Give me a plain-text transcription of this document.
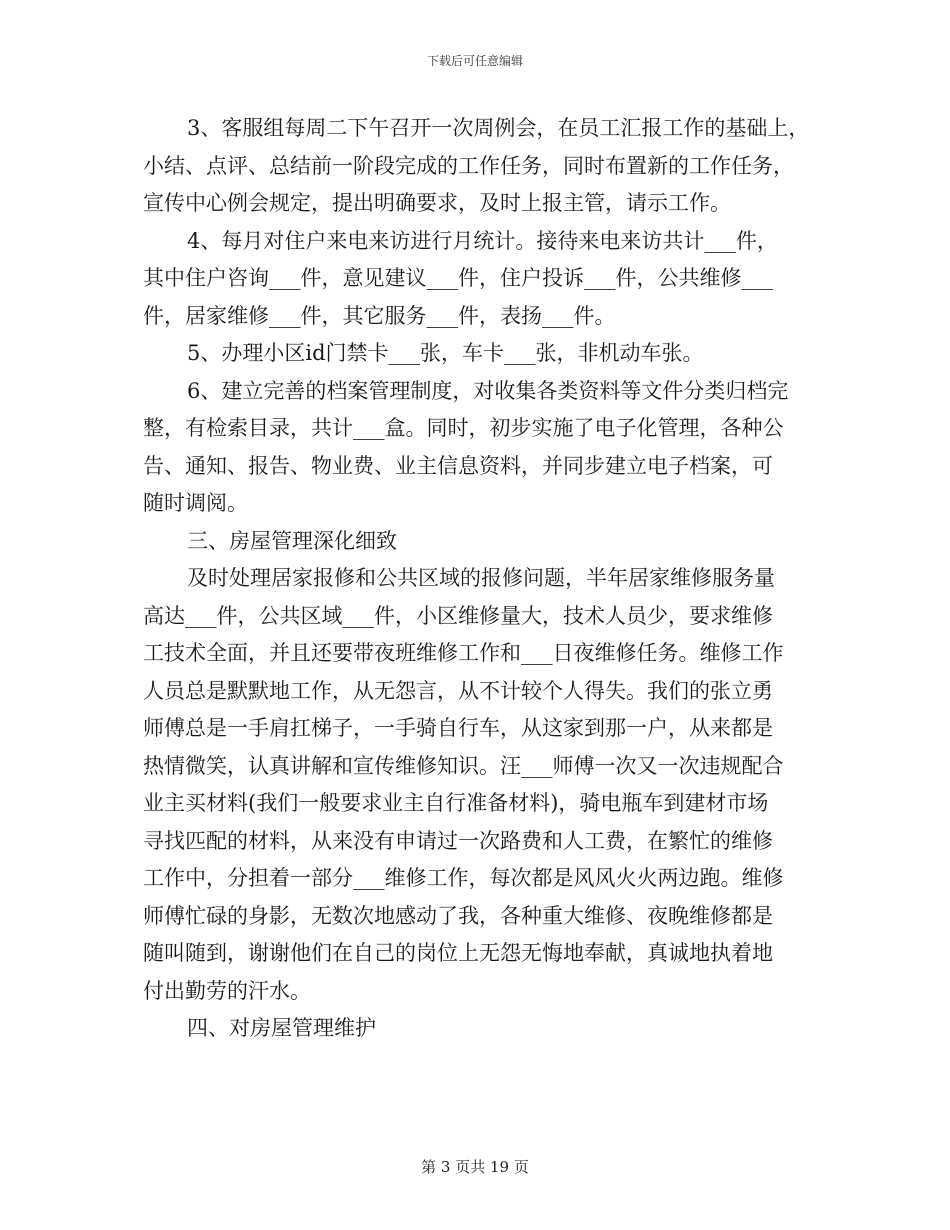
下载后可任意编辑
3、客服组每周二下午召开一次周例会，在员工汇报工作的基础上，
小结、点评、总结前一阶段完成的工作任务，同时布置新的工作任务，
宣传中心例会规定，提出明确要求，及时上报主管，请示工作。
4、每月对住户来电来访进行月统计。接待来电来访共计___件，
其中住户咨询___件，意见建议___件，住户投诉___件，公共维修___
件，居家维修___件，其它服务___件，表扬___件。
5、办理小区id门禁卡___张，车卡___张，非机动车张。
6、建立完善的档案管理制度，对收集各类资料等文件分类归档完
整，有检索目录，共计___盒。同时，初步实施了电子化管理，各种公
告、通知、报告、物业费、业主信息资料，并同步建立电子档案，可
随时调阅。
三、房屋管理深化细致
及时处理居家报修和公共区域的报修问题，半年居家维修服务量
高达___件，公共区域___件，小区维修量大，技术人员少，要求维修
工技术全面，并且还要带夜班维修工作和___日夜维修任务。维修工作
人员总是默默地工作，从无怨言，从不计较个人得失。我们的张立勇
师傅总是一手肩扛梯子，一手骑自行车，从这家到那一户，从来都是
热情微笑，认真讲解和宣传维修知识。汪___师傅一次又一次违规配合
业主买材料(我们一般要求业主自行准备材料)，骑电瓶车到建材市场
寻找匹配的材料，从来没有申请过一次路费和人工费，在繁忙的维修
工作中，分担着一部分___维修工作，每次都是风风火火两边跑。维修
师傅忙碌的身影，无数次地感动了我，各种重大维修、夜晚维修都是
随叫随到，谢谢他们在自己的岗位上无怨无悔地奉献，真诚地执着地
付出勤劳的汗水。
四、对房屋管理维护
第 3 页共 19 页
